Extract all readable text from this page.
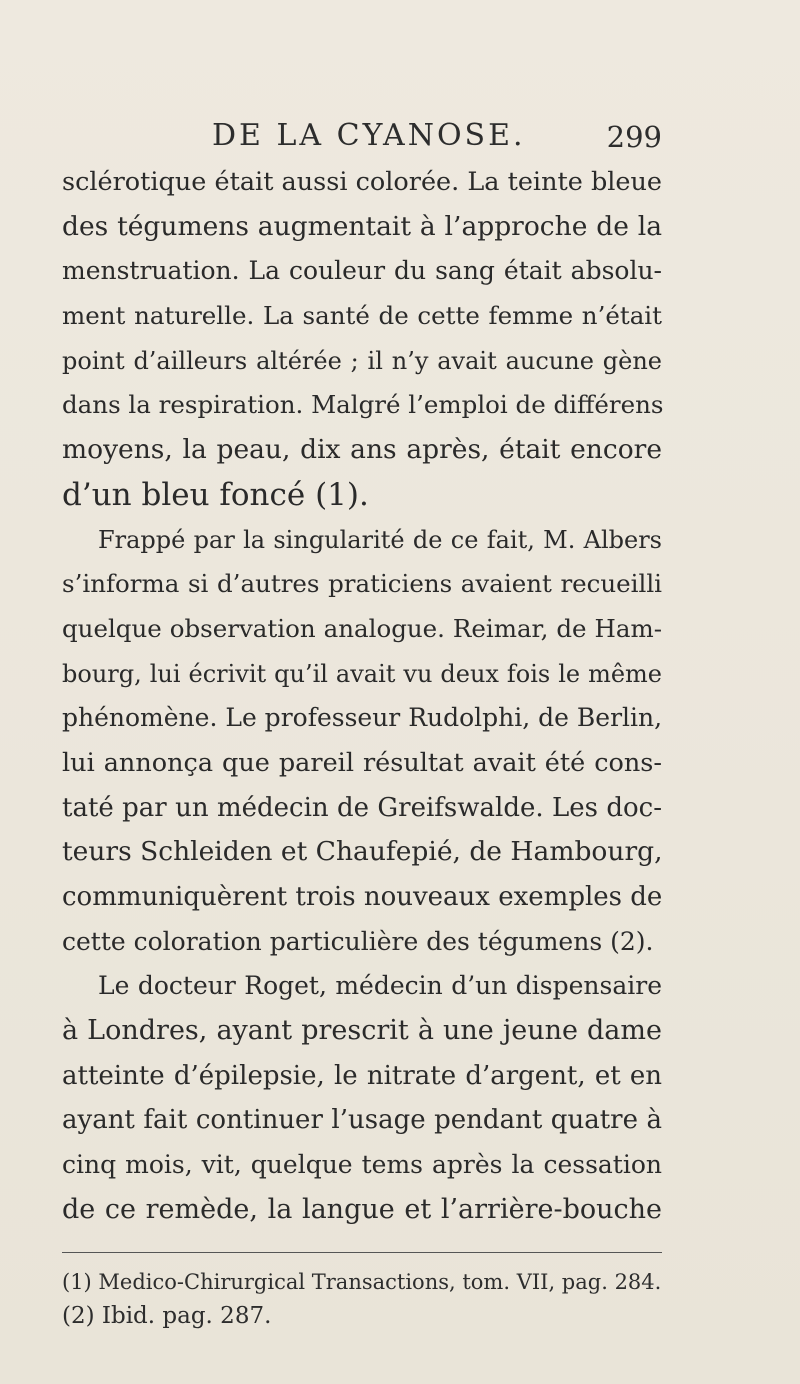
DE LA CYANOSE.	299
sclérotique était aussi colorée. La teinte bleue
des tégumens augmentait à l’approche de la
menstruation. La couleur du sang était absolu-
ment naturelle. La santé de cette femme n’était
point d’ailleurs altérée ; il n’y avait aucune gène
dans la respiration. Malgré l’emploi de différens
moyens, la peau, dix ans après, était encore
d’un bleu foncé (1).
Frappé par la singularité de ce fait, M. Albers
s’informa si d’autres praticiens avaient recueilli
quelque observation analogue. Reimar, de Ham-
bourg, lui écrivit qu’il avait vu deux fois le même
phénomène. Le professeur Rudolphi, de Berlin,
lui annonça que pareil résultat avait été cons-
taté par un médecin de Greifswalde. Les doc-
teurs Schleiden et Chaufepié, de Hambourg,
communiquèrent trois nouveaux exemples de
cette coloration particulière des tégumens (2).
Le docteur Roget, médecin d’un dispensaire
à Londres, ayant prescrit à une jeune dame
atteinte d’épilepsie, le nitrate d’argent, et en
ayant fait continuer l’usage pendant quatre à
cinq mois, vit, quelque tems après la cessation
de ce remède, la langue et l’arrière-bouche
(1) Medico-Chirurgical Transactions, tom. VII, pag. 284.
(2) Ibid. pag. 287.
